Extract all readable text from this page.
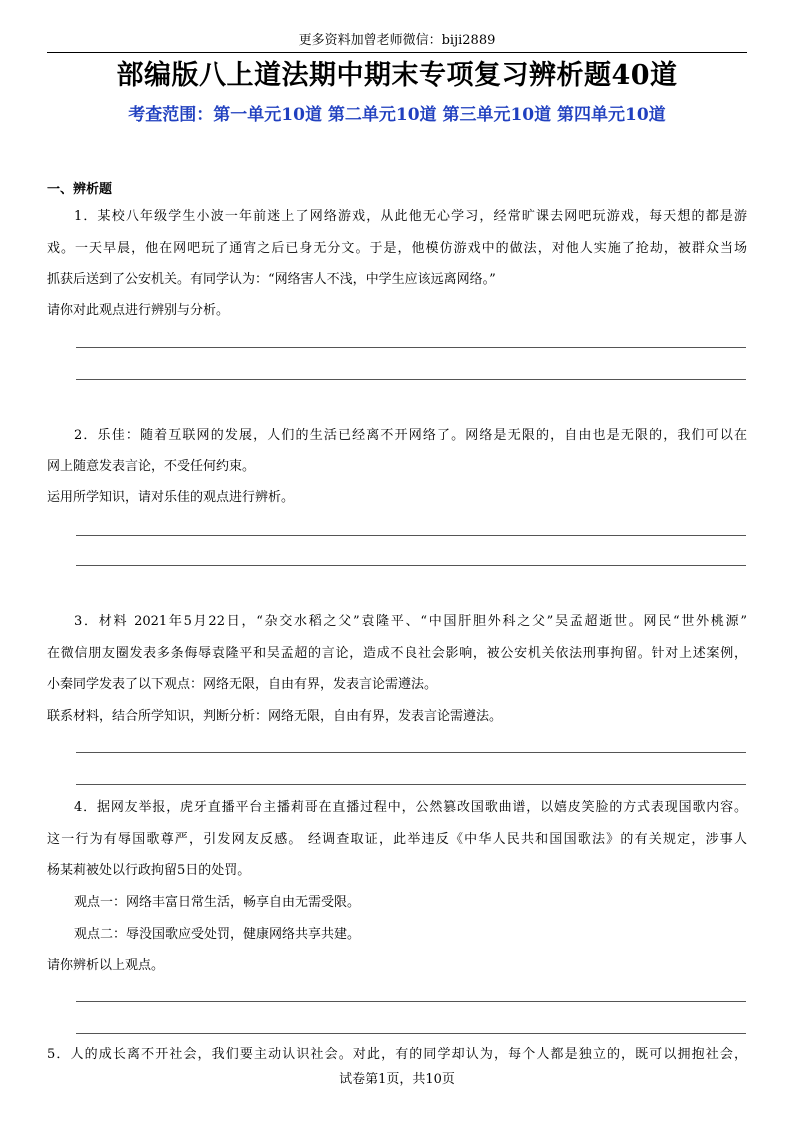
更多资料加曾老师微信：biji2889
部编版八上道法期中期末专项复习辨析题40道
考查范围：第一单元10道 第二单元10道 第三单元10道 第四单元10道
一、辨析题
1．某校八年级学生小波一年前迷上了网络游戏，从此他无心学习，经常旷课去网吧玩游戏，每天想的都是游
戏。一天早晨，他在网吧玩了通宵之后已身无分文。于是，他模仿游戏中的做法，对他人实施了抢劫，被群众当场
抓获后送到了公安机关。有同学认为：“网络害人不浅，中学生应该远离网络。”
请你对此观点进行辨别与分析。
2．乐佳：随着互联网的发展，人们的生活已经离不开网络了。网络是无限的，自由也是无限的，我们可以在
网上随意发表言论，不受任何约束。
运用所学知识，请对乐佳的观点进行辨析。
3．材料 2021年5月22日，“杂交水稻之父”袁隆平、“中国肝胆外科之父”吴孟超逝世。网民“世外桃源”
在微信朋友圈发表多条侮辱袁隆平和吴孟超的言论，造成不良社会影响，被公安机关依法刑事拘留。针对上述案例，
小秦同学发表了以下观点：网络无限，自由有界，发表言论需遵法。
联系材料，结合所学知识，判断分析：网络无限，自由有界，发表言论需遵法。
4．据网友举报，虎牙直播平台主播莉哥在直播过程中，公然篡改国歌曲谱，以嬉皮笑脸的方式表现国歌内容。
这一行为有辱国歌尊严，引发网友反感。 经调查取证，此举违反《中华人民共和国国歌法》的有关规定，涉事人
杨某莉被处以行政拘留5日的处罚。
观点一：网络丰富日常生活，畅享自由无需受限。
观点二：辱没国歌应受处罚，健康网络共享共建。
请你辨析以上观点。
5．人的成长离不开社会，我们要主动认识社会。对此，有的同学却认为，每个人都是独立的，既可以拥抱社会，
试卷第1页，共10页
